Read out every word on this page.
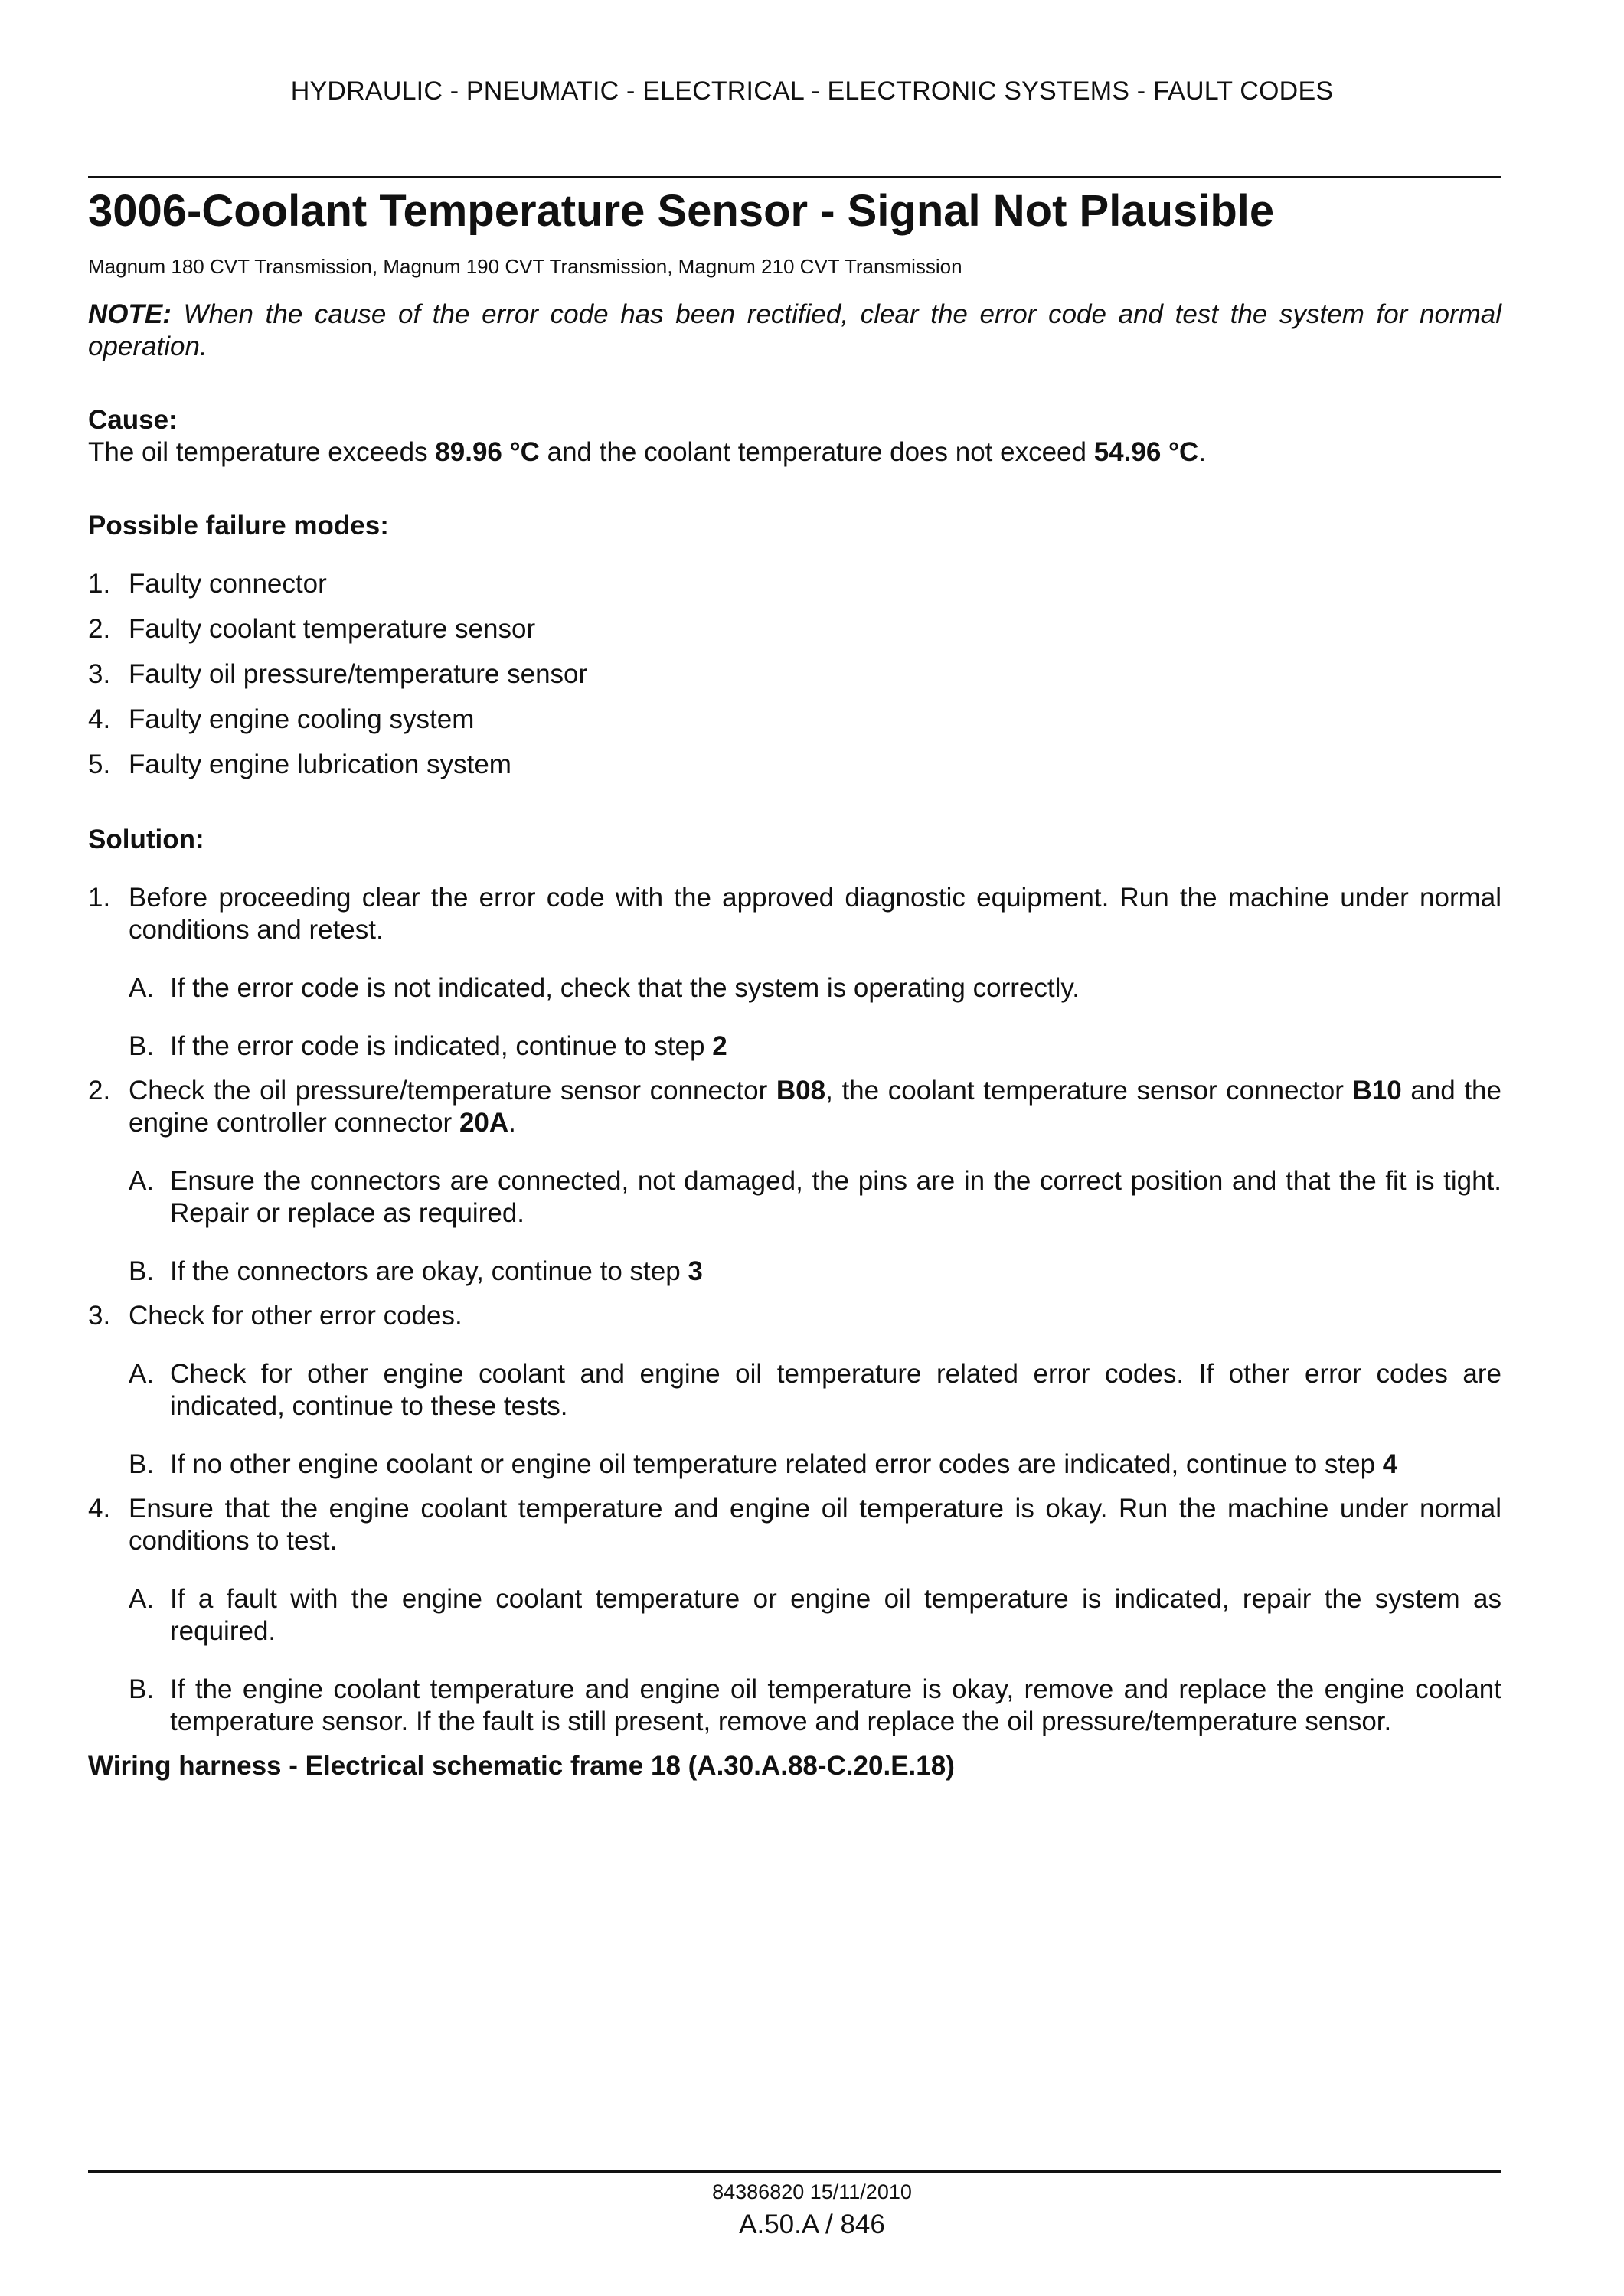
HYDRAULIC - PNEUMATIC - ELECTRICAL - ELECTRONIC SYSTEMS - FAULT CODES
3006-Coolant Temperature Sensor - Signal Not Plausible
Magnum 180 CVT Transmission, Magnum 190 CVT Transmission, Magnum 210 CVT Transmission
NOTE: When the cause of the error code has been rectified, clear the error code and test the system for normal operation.
Cause:
The oil temperature exceeds 89.96 °C and the coolant temperature does not exceed 54.96 °C.
Possible failure modes:
1. Faulty connector
2. Faulty coolant temperature sensor
3. Faulty oil pressure/temperature sensor
4. Faulty engine cooling system
5. Faulty engine lubrication system
Solution:
1. Before proceeding clear the error code with the approved diagnostic equipment. Run the machine under normal conditions and retest.
A. If the error code is not indicated, check that the system is operating correctly.
B. If the error code is indicated, continue to step 2
2. Check the oil pressure/temperature sensor connector B08, the coolant temperature sensor connector B10 and the engine controller connector 20A.
A. Ensure the connectors are connected, not damaged, the pins are in the correct position and that the fit is tight. Repair or replace as required.
B. If the connectors are okay, continue to step 3
3. Check for other error codes.
A. Check for other engine coolant and engine oil temperature related error codes. If other error codes are indicated, continue to these tests.
B. If no other engine coolant or engine oil temperature related error codes are indicated, continue to step 4
4. Ensure that the engine coolant temperature and engine oil temperature is okay. Run the machine under normal conditions to test.
A. If a fault with the engine coolant temperature or engine oil temperature is indicated, repair the system as required.
B. If the engine coolant temperature and engine oil temperature is okay, remove and replace the engine coolant temperature sensor. If the fault is still present, remove and replace the oil pressure/temperature sensor.
Wiring harness - Electrical schematic frame 18 (A.30.A.88-C.20.E.18)
84386820 15/11/2010
A.50.A / 846
